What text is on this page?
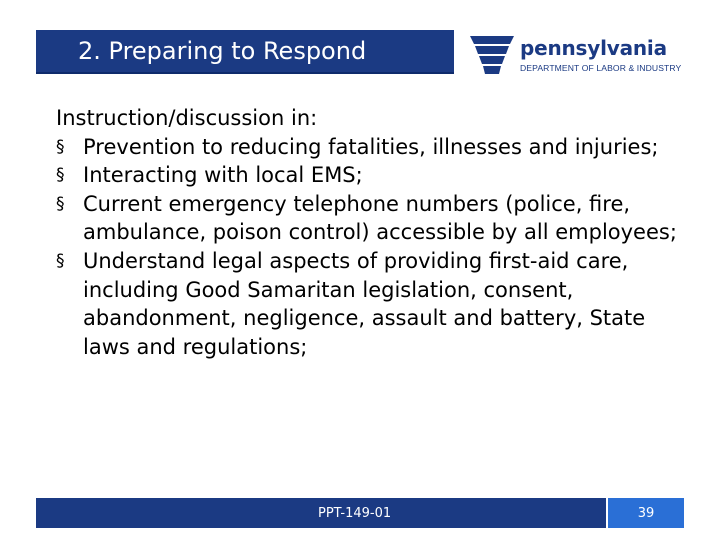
2. Preparing to Respond	pennsylvania
DEPARTMENT OF LABOR & INDUSTRY
Instruction/discussion in:
§ Prevention to reducing fatalities, illnesses and injuries;
§ Interacting with local EMS;
§ Current emergency telephone numbers (police, fire, ambulance, poison control) accessible by all employees;
§ Understand legal aspects of providing first-aid care, including Good Samaritan legislation, consent, abandonment, negligence, assault and battery, State laws and regulations;
PPT-149-01	39
